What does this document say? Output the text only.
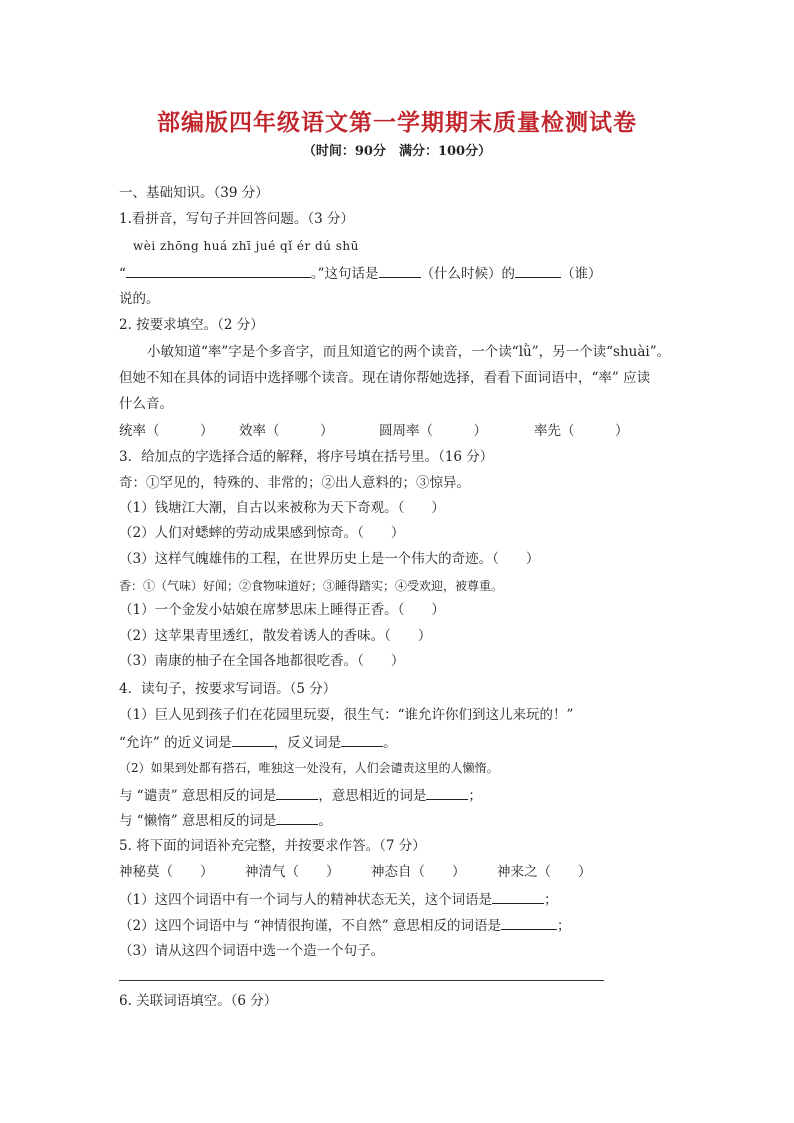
部编版四年级语文第一学期期末质量检测试卷
（时间：90分　满分：100分）
一、基础知识。（39 分）
1.看拼音，写句子并回答问题。（3 分）
wèi zhōng huá zhī jué qǐ ér dú shū
“	。”这句话是	（什么时候）的	（谁）
说的。
2. 按要求填空。（2 分）
小敏知道“率”字是个多音字，而且知道它的两个读音，一个读“lǜ”，另一个读“shuài”。
但她不知在具体的词语中选择哪个读音。现在请你帮她选择，看看下面词语中，“率” 应读
什么音。
统率（　　　） 效率（　　　）	圆周率（　　　）	率先（　　　）
3．给加点的字选择合适的解释，将序号填在括号里。（16 分）
奇：①罕见的，特殊的、非常的；②出人意料的；③惊异。
（1）钱塘江大潮，自古以来被称为天下奇观。（　　）
（2）人们对蟋蟀的劳动成果感到惊奇。（　　）
（3）这样气魄雄伟的工程，在世界历史上是一个伟大的奇迹。（　　）
香：①（气味）好闻；②食物味道好；③睡得踏实；④受欢迎，被尊重。
（1）一个金发小姑娘在席梦思床上睡得正香。（　　）
（2）这苹果青里透红，散发着诱人的香味。（　　）
（3）南康的柚子在全国各地都很吃香。（　　）
4．读句子，按要求写词语。（5 分）
（1）巨人见到孩子们在花园里玩耍，很生气：“谁允许你们到这儿来玩的！”
“允许” 的近义词是	，反义词是	。
（2）如果到处都有搭石，唯独这一处没有，人们会谴责这里的人懒惰。
与 “谴责” 意思相反的词是	，意思相近的词是	；
与 “懒惰” 意思相反的词是	。
5. 将下面的词语补充完整，并按要求作答。（7 分）
神秘莫（　　） 神清气（　　） 神态自（　　） 神来之（　　）
（1）这四个词语中有一个词与人的精神状态无关，这个词语是	；
（2）这四个词语中与 “神情很拘谨，不自然” 意思相反的词语是	；
（3）请从这四个词语中选一个造一个句子。
6. 关联词语填空。（6 分）
